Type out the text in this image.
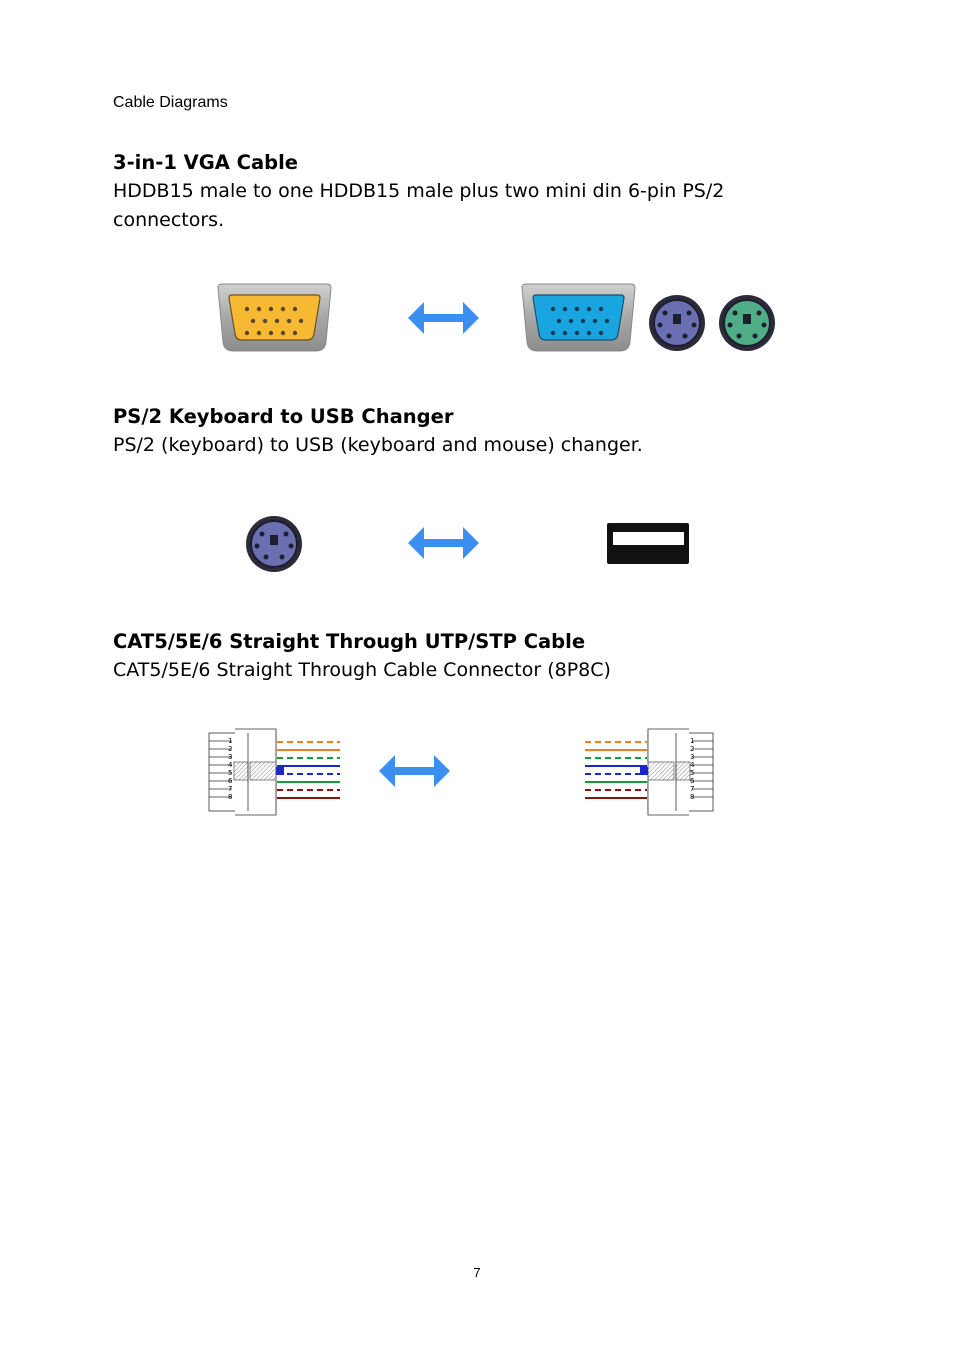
Cable Diagrams

3-in-1 VGA Cable

HDDB15 male to one HDDB15 male plus two mini din 6-pin PS/2 connectors.

PS/2 Keyboard to USB Changer

PS/2 (keyboard) to USB (keyboard and mouse) changer.

CAT5/5E/6 Straight Through UTP/STP Cable

CAT5/5E/6 Straight Through Cable Connector (8P8C)

1
2
3
4
5
6
7
8
1
2
3
4
5
6
7
8
7
